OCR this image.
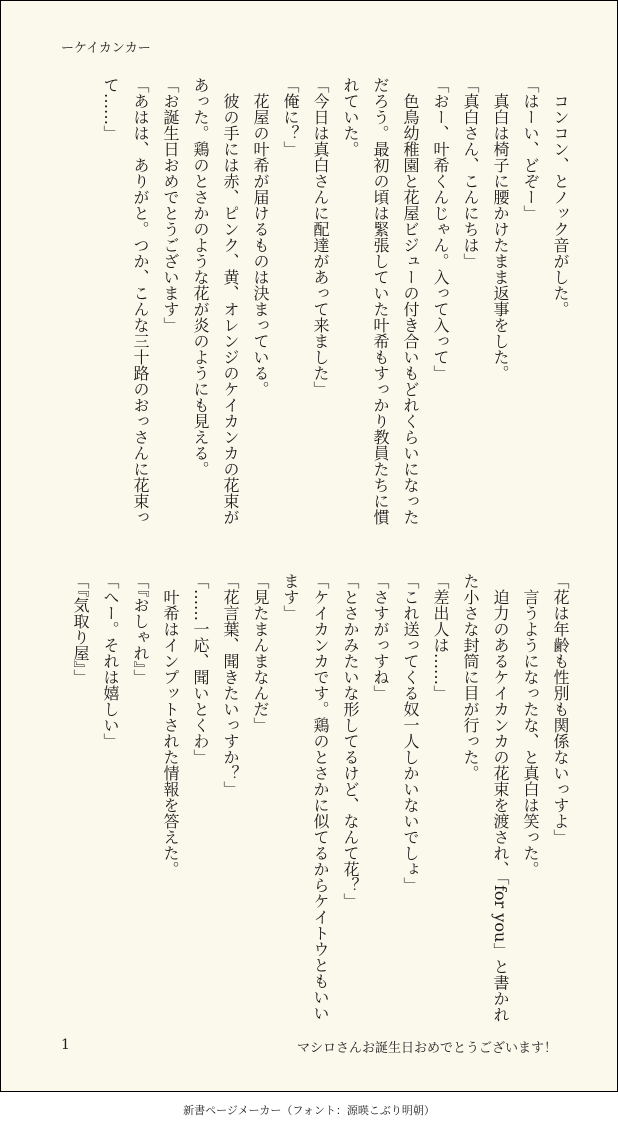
ーケイカンカー

　コンコン、とノック音がした。

「はーい、どぞー」

　真白は椅子に腰かけたまま返事をした。

「真白さん、こんにちは」

「おー、叶希くんじゃん。入って入って」

　色鳥幼稚園と花屋ビジューの付き合いもどれくらいになっただろう。最初の頃は緊張していた叶希もすっかり教員たちに慣れていた。

「今日は真白さんに配達があって来ました」

「俺に？」

　花屋の叶希が届けるものは決まっている。

　彼の手には赤、ピンク、黄、オレンジのケイカンカの花束があった。鶏のとさかのような花が炎のようにも見える。

「お誕生日おめでとうございます」

「あはは、ありがと。つか、こんな三十路のおっさんに花束って……」

「花は年齢も性別も関係ないっすよ」

　言うようになったな、と真白は笑った。

　迫力のあるケイカンカの花束を渡され、「for you」と書かれた小さな封筒に目が行った。

「差出人は……」

「これ送ってくる奴一人しかいないでしょ」

「さすがっすね」

「とさかみたいな形してるけど、なんて花？」

「ケイカンカです。鶏のとさかに似てるからケイトウともいいます」

「見たまんまなんだ」

「花言葉、聞きたいっすか？」

「……一応、聞いとくわ」

　叶希はインプットされた情報を答えた。

「『おしゃれ』」

「へー。それは嬉しい」

「『気取り屋』」

1	マシロさんお誕生日おめでとうございます！
新書ページメーカー（フォント：源暎こぶり明朝）
